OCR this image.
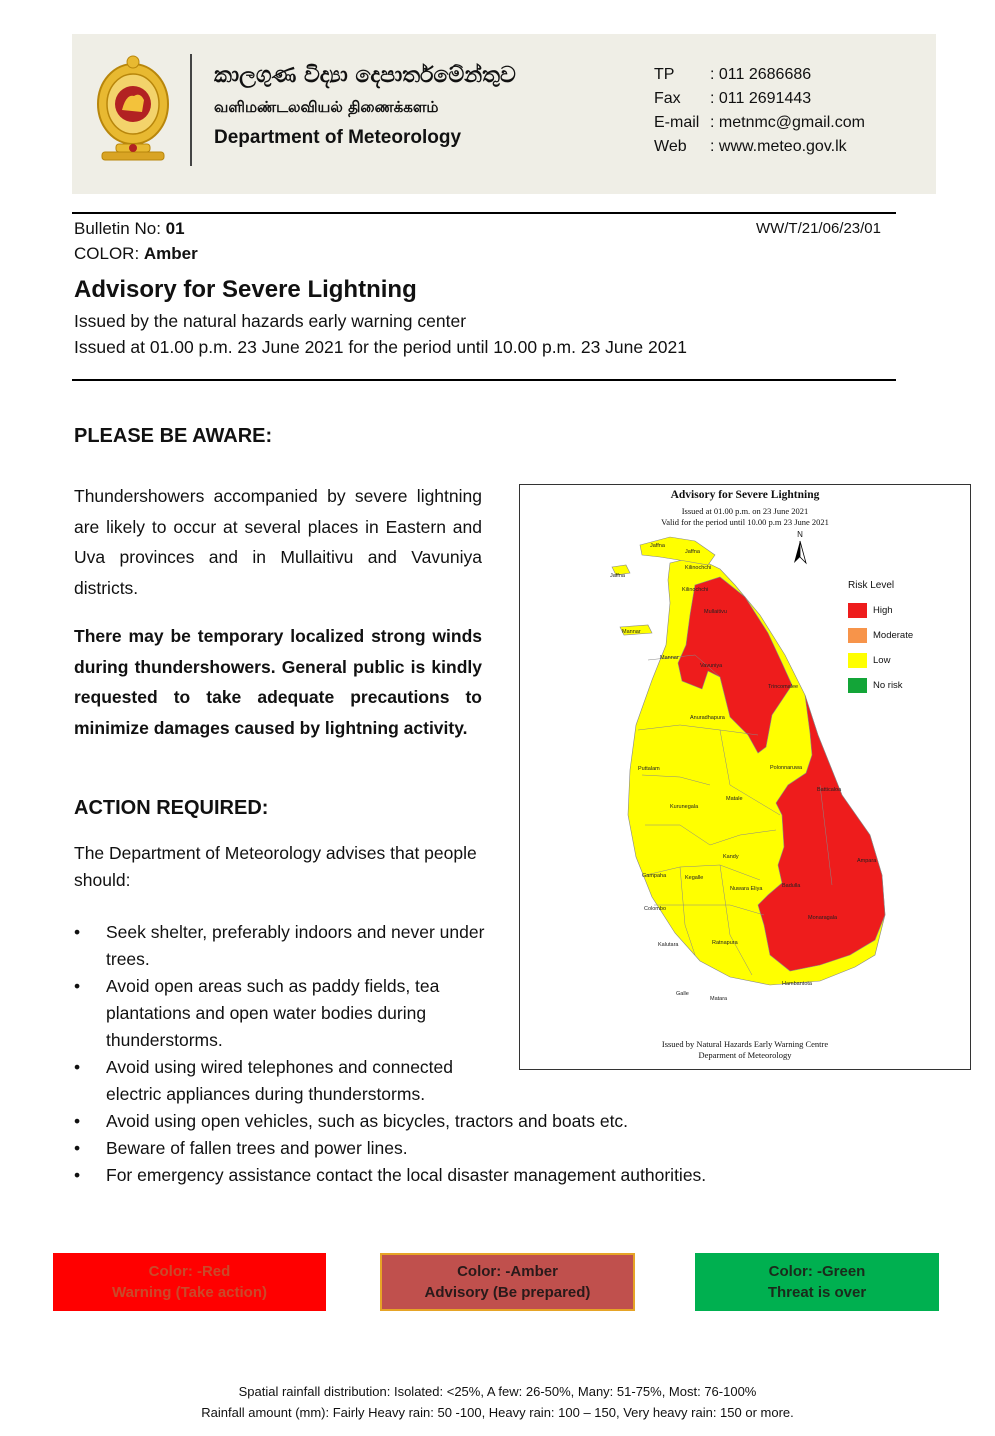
කාලගුණ විද්‍යා දෙපාර්තමේන්තුව
வளிமண்டலவியல் திணைக்களம்
Department of Meteorology
TP	: 011 2686686
Fax	: 011 2691443
E-mail : metnmc@gmail.com
Web	: www.meteo.gov.lk
Bulletin No: 01	WW/T/21/06/23/01
COLOR: Amber
Advisory for Severe Lightning
Issued by the natural hazards early warning center
Issued at 01.00 p.m. 23 June 2021 for the period until 10.00 p.m. 23 June 2021
PLEASE BE AWARE:
Thundershowers accompanied by severe lightning are likely to occur at several places in Eastern and Uva provinces and in Mullaitivu and Vavuniya districts.
There may be temporary localized strong winds during thundershowers. General public is kindly requested to take adequate precautions to minimize damages caused by lightning activity.
ACTION REQUIRED:
The Department of Meteorology advises that people should:
• Seek shelter, preferably indoors and never under trees.
• Avoid open areas such as paddy fields, tea plantations and open water bodies during thunderstorms.
• Avoid using wired telephones and connected electric appliances during thunderstorms.
• Avoid using open vehicles, such as bicycles, tractors and boats etc.
• Beware of fallen trees and power lines.
• For emergency assistance contact the local disaster management authorities.
Advisory for Severe Lightning
Issued at 01.00 p.m. on 23 June 2021
Valid for the period until 10.00 p.m 23 June 2021
N
Jaffna
Jaffna
Jaffna
Kilinochchi
Kilinochchi
Mullaitivu
Mannar
Mannar
Vavuniya
Trincomalee
Anuradhapura
Puttalam	Polonnaruwa
Batticaloa
Matale
Kurunegala
Ampara
Kandy
Gampaha	Kegalle
Nuwara Eliya	Badulla
Colombo
Monaragala
Kalutara	Ratnapura
Hambantota
Galle
Matara
Risk Level
High
Moderate
Low
No risk
Issued by Natural Hazards Early Warning Centre
Deparment of Meteorology
Color: -Red
Warning (Take action)
Color: -Amber
Advisory (Be prepared)
Color: -Green
Threat is over
Spatial rainfall distribution: Isolated: <25%, A few: 26-50%, Many: 51-75%, Most: 76-100%
Rainfall amount (mm): Fairly Heavy rain: 50 -100, Heavy rain: 100 – 150, Very heavy rain: 150 or more.
